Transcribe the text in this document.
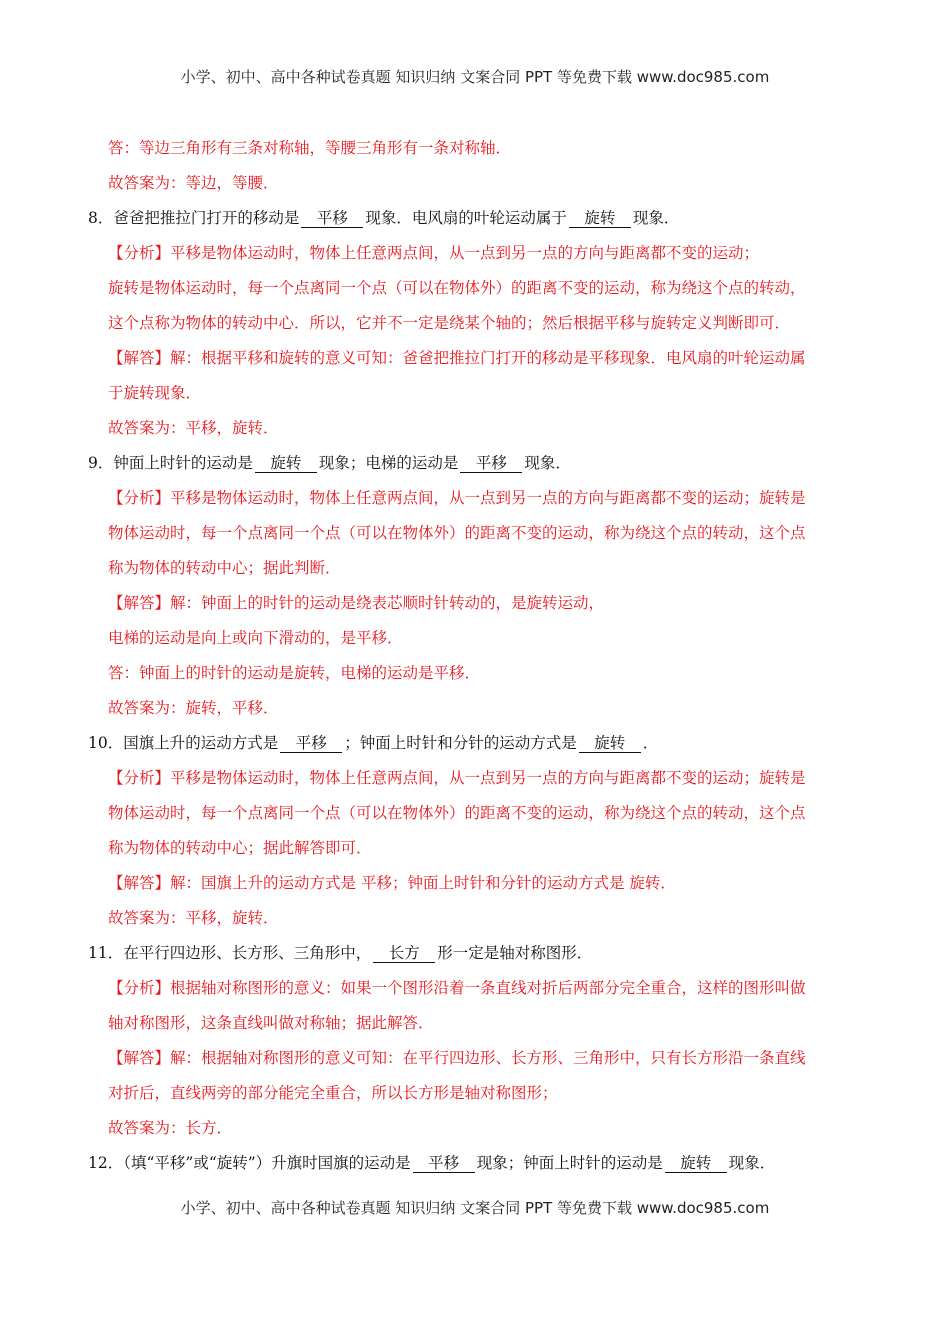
小学、初中、高中各种试卷真题 知识归纳 文案合同 PPT 等免费下载 www.doc985.com
答：等边三角形有三条对称轴，等腰三角形有一条对称轴．
故答案为：等边，等腰．
8．爸爸把推拉门打开的移动是 平移 现象．电风扇的叶轮运动属于 旋转 现象．
【分析】平移是物体运动时，物体上任意两点间，从一点到另一点的方向与距离都不变的运动；
旋转是物体运动时，每一个点离同一个点（可以在物体外）的距离不变的运动，称为绕这个点的转动，
这个点称为物体的转动中心．所以，它并不一定是绕某个轴的；然后根据平移与旋转定义判断即可．
【解答】解：根据平移和旋转的意义可知：爸爸把推拉门打开的移动是平移现象．电风扇的叶轮运动属
于旋转现象．
故答案为：平移，旋转．
9．钟面上时针的运动是 旋转 现象；电梯的运动是 平移 现象．
【分析】平移是物体运动时，物体上任意两点间，从一点到另一点的方向与距离都不变的运动；旋转是
物体运动时，每一个点离同一个点（可以在物体外）的距离不变的运动，称为绕这个点的转动，这个点
称为物体的转动中心；据此判断．
【解答】解：钟面上的时针的运动是绕表芯顺时针转动的，是旋转运动，
电梯的运动是向上或向下滑动的，是平移．
答：钟面上的时针的运动是旋转，电梯的运动是平移．
故答案为：旋转，平移．
10．国旗上升的运动方式是 平移 ；钟面上时针和分针的运动方式是 旋转 ．
【分析】平移是物体运动时，物体上任意两点间，从一点到另一点的方向与距离都不变的运动；旋转是
物体运动时，每一个点离同一个点（可以在物体外）的距离不变的运动，称为绕这个点的转动，这个点
称为物体的转动中心；据此解答即可．
【解答】解：国旗上升的运动方式是 平移；钟面上时针和分针的运动方式是 旋转．
故答案为：平移，旋转．
11．在平行四边形、长方形、三角形中， 长方 形一定是轴对称图形．
【分析】根据轴对称图形的意义：如果一个图形沿着一条直线对折后两部分完全重合，这样的图形叫做
轴对称图形，这条直线叫做对称轴；据此解答．
【解答】解：根据轴对称图形的意义可知：在平行四边形、长方形、三角形中，只有长方形沿一条直线
对折后，直线两旁的部分能完全重合，所以长方形是轴对称图形；
故答案为：长方．
12．（填“平移”或“旋转”）升旗时国旗的运动是 平移 现象；钟面上时针的运动是 旋转 现象．
小学、初中、高中各种试卷真题 知识归纳 文案合同 PPT 等免费下载 www.doc985.com
